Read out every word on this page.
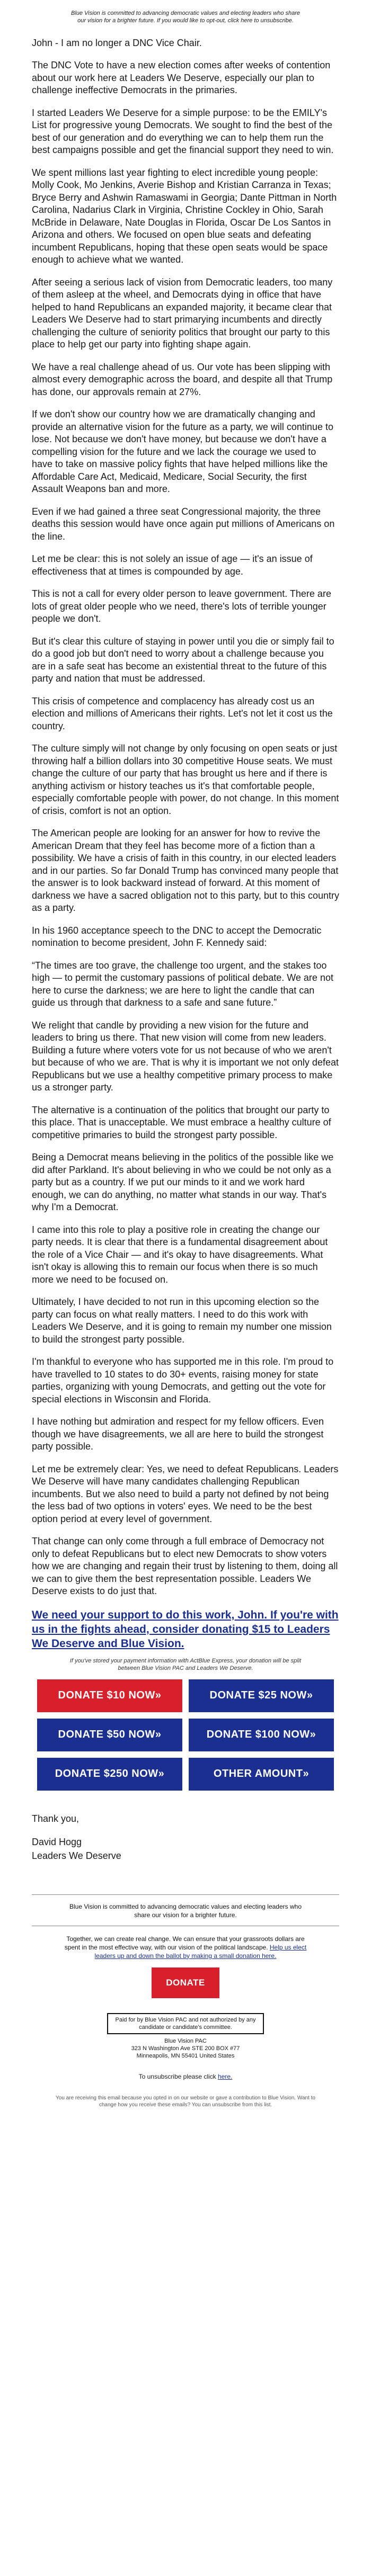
Blue Vision is committed to advancing democratic values and electing leaders who share our vision for a brighter future. If you would like to opt-out, click here to unsubscribe.

John - I am no longer a DNC Vice Chair.

The DNC Vote to have a new election comes after weeks of contention about our work here at Leaders We Deserve, especially our plan to challenge ineffective Democrats in the primaries.

I started Leaders We Deserve for a simple purpose: to be the EMILY's List for progressive young Democrats. We sought to find the best of the best of our generation and do everything we can to help them run the best campaigns possible and get the financial support they need to win.

We spent millions last year fighting to elect incredible young people: Molly Cook, Mo Jenkins, Averie Bishop and Kristian Carranza in Texas; Bryce Berry and Ashwin Ramaswami in Georgia; Dante Pittman in North Carolina, Nadarius Clark in Virginia, Christine Cockley in Ohio, Sarah McBride in Delaware, Nate Douglas in Florida, Oscar De Los Santos in Arizona and others. We focused on open blue seats and defeating incumbent Republicans, hoping that these open seats would be space enough to achieve what we wanted.

After seeing a serious lack of vision from Democratic leaders, too many of them asleep at the wheel, and Democrats dying in office that have helped to hand Republicans an expanded majority, it became clear that Leaders We Deserve had to start primarying incumbents and directly challenging the culture of seniority politics that brought our party to this place to help get our party into fighting shape again.

We have a real challenge ahead of us. Our vote has been slipping with almost every demographic across the board, and despite all that Trump has done, our approvals remain at 27%.

If we don't show our country how we are dramatically changing and provide an alternative vision for the future as a party, we will continue to lose. Not because we don't have money, but because we don't have a compelling vision for the future and we lack the courage we used to have to take on massive policy fights that have helped millions like the Affordable Care Act, Medicaid, Medicare, Social Security, the first Assault Weapons ban and more.

Even if we had gained a three seat Congressional majority, the three deaths this session would have once again put millions of Americans on the line.

Let me be clear: this is not solely an issue of age — it's an issue of effectiveness that at times is compounded by age.

This is not a call for every older person to leave government. There are lots of great older people who we need, there's lots of terrible younger people we don't.

But it's clear this culture of staying in power until you die or simply fail to do a good job but don't need to worry about a challenge because you are in a safe seat has become an existential threat to the future of this party and nation that must be addressed.

This crisis of competence and complacency has already cost us an election and millions of Americans their rights. Let's not let it cost us the country.

The culture simply will not change by only focusing on open seats or just throwing half a billion dollars into 30 competitive House seats. We must change the culture of our party that has brought us here and if there is anything activism or history teaches us it's that comfortable people, especially comfortable people with power, do not change. In this moment of crisis, comfort is not an option.

The American people are looking for an answer for how to revive the American Dream that they feel has become more of a fiction than a possibility. We have a crisis of faith in this country, in our elected leaders and in our parties. So far Donald Trump has convinced many people that the answer is to look backward instead of forward. At this moment of darkness we have a sacred obligation not to this party, but to this country as a party.

In his 1960 acceptance speech to the DNC to accept the Democratic nomination to become president, John F. Kennedy said:

“The times are too grave, the challenge too urgent, and the stakes too high — to permit the customary passions of political debate. We are not here to curse the darkness; we are here to light the candle that can guide us through that darkness to a safe and sane future.”

We relight that candle by providing a new vision for the future and leaders to bring us there. That new vision will come from new leaders. Building a future where voters vote for us not because of who we aren't but because of who we are. That is why it is important we not only defeat Republicans but we use a healthy competitive primary process to make us a stronger party.

The alternative is a continuation of the politics that brought our party to this place. That is unacceptable. We must embrace a healthy culture of competitive primaries to build the strongest party possible.

Being a Democrat means believing in the politics of the possible like we did after Parkland. It's about believing in who we could be not only as a party but as a country. If we put our minds to it and we work hard enough, we can do anything, no matter what stands in our way. That's why I'm a Democrat.

I came into this role to play a positive role in creating the change our party needs. It is clear that there is a fundamental disagreement about the role of a Vice Chair — and it's okay to have disagreements. What isn't okay is allowing this to remain our focus when there is so much more we need to be focused on.

Ultimately, I have decided to not run in this upcoming election so the party can focus on what really matters. I need to do this work with Leaders We Deserve, and it is going to remain my number one mission to build the strongest party possible.

I'm thankful to everyone who has supported me in this role. I'm proud to have travelled to 10 states to do 30+ events, raising money for state parties, organizing with young Democrats, and getting out the vote for special elections in Wisconsin and Florida.

I have nothing but admiration and respect for my fellow officers. Even though we have disagreements, we all are here to build the strongest party possible.

Let me be extremely clear: Yes, we need to defeat Republicans. Leaders We Deserve will have many candidates challenging Republican incumbents. But we also need to build a party not defined by not being the less bad of two options in voters' eyes. We need to be the best option period at every level of government.

That change can only come through a full embrace of Democracy not only to defeat Republicans but to elect new Democrats to show voters how we are changing and regain their trust by listening to them, doing all we can to give them the best representation possible. Leaders We Deserve exists to do just that.

We need your support to do this work, John. If you're with us in the fights ahead, consider donating $15 to Leaders We Deserve and Blue Vision.

If you've stored your payment information with ActBlue Express, your donation will be split between Blue Vision PAC and Leaders We Deserve.

DONATE $10 NOW»	DONATE $25 NOW»
DONATE $50 NOW»	DONATE $100 NOW»
DONATE $250 NOW»	OTHER AMOUNT»

Thank you,

David Hogg

Leaders We Deserve

Blue Vision is committed to advancing democratic values and electing leaders who share our vision for a brighter future.

Together, we can create real change. We can ensure that your grassroots dollars are spent in the most effective way, with our vision of the political landscape. Help us elect leaders up and down the ballot by making a small donation here.

DONATE
Paid for by Blue Vision PAC and not authorized by any candidate or candidate's committee.

Blue Vision PAC

323 N Washington Ave STE 200 BOX #77

Minneapolis, MN 55401 United States

To unsubscribe please click here.

You are receiving this email because you opted in on our website or gave a contribution to Blue Vision. Want to change how you receive these emails? You can unsubscribe from this list.
